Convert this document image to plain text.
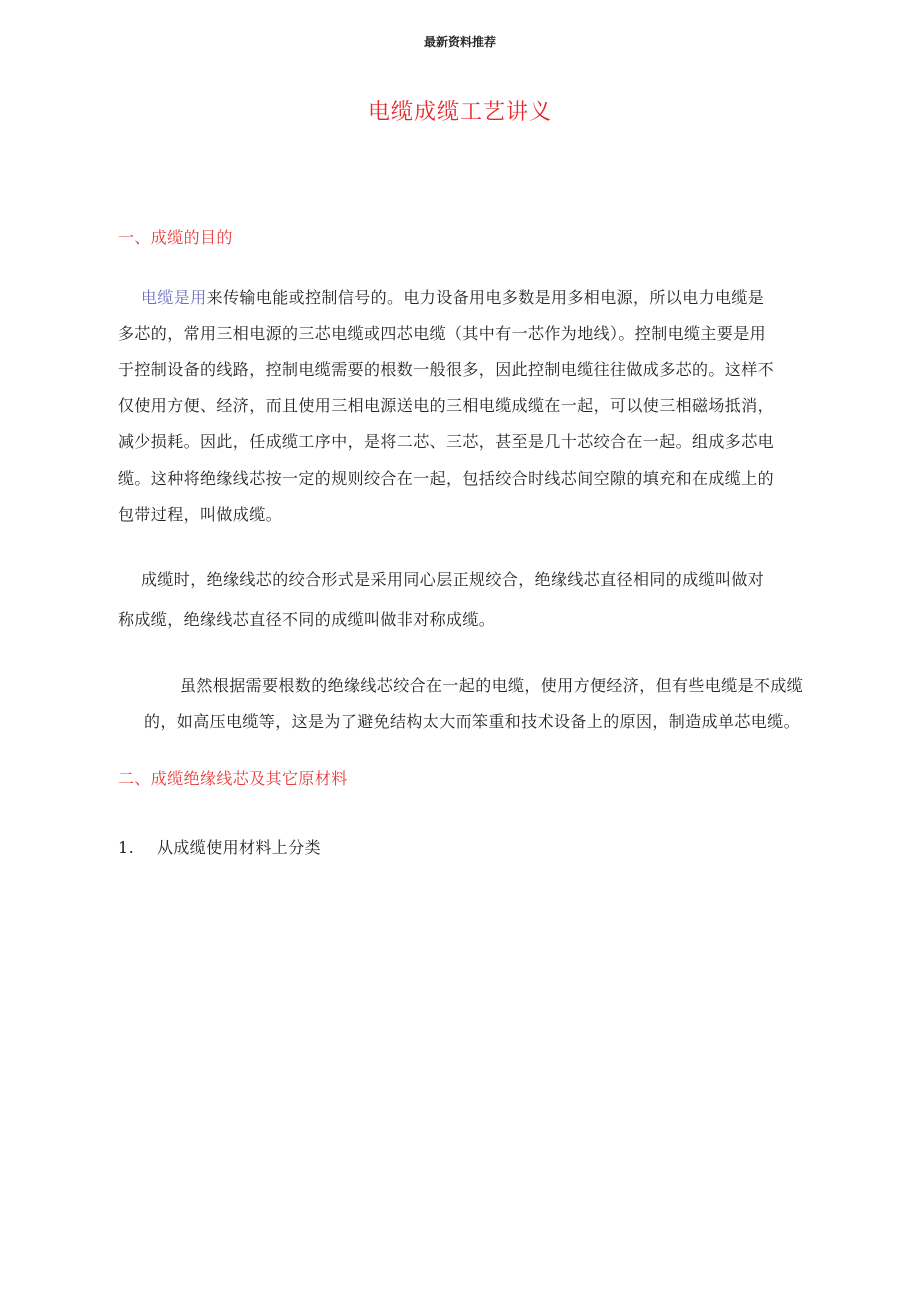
最新资料推荐
电缆成缆工艺讲义
一、成缆的目的
电缆是用来传输电能或控制信号的。电力设备用电多数是用多相电源，所以电力电缆是
多芯的，常用三相电源的三芯电缆或四芯电缆（其中有一芯作为地线）。控制电缆主要是用
于控制设备的线路，控制电缆需要的根数一般很多，因此控制电缆往往做成多芯的。这样不
仅使用方便、经济，而且使用三相电源送电的三相电缆成缆在一起，可以使三相磁场抵消，
减少损耗。因此，任成缆工序中，是将二芯、三芯，甚至是几十芯绞合在一起。组成多芯电
缆。这种将绝缘线芯按一定的规则绞合在一起，包括绞合时线芯间空隙的填充和在成缆上的
包带过程，叫做成缆。
成缆时，绝缘线芯的绞合形式是采用同心层正规绞合，绝缘线芯直径相同的成缆叫做对
称成缆，绝缘线芯直径不同的成缆叫做非对称成缆。
虽然根据需要根数的绝缘线芯绞合在一起的电缆，使用方便经济，但有些电缆是不成缆
的，如高压电缆等，这是为了避免结构太大而笨重和技术设备上的原因，制造成单芯电缆。
二、成缆绝缘线芯及其它原材料
1. 从成缆使用材料上分类
